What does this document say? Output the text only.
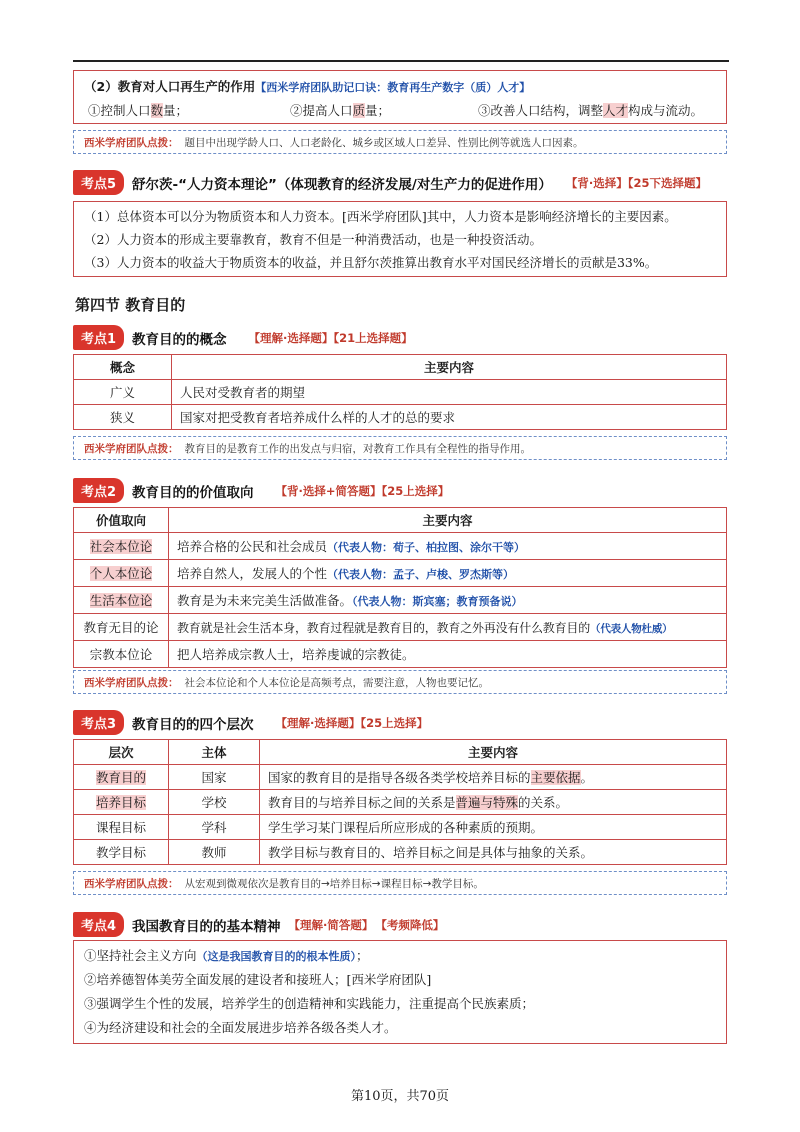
（2）教育对人口再生产的作用【西米学府团队助记口诀：教育再生产数字（质）人才】
①控制人口数量；	②提高人口质量；	③改善人口结构，调整人才构成与流动。
西米学府团队点拨： 题目中出现学龄人口、人口老龄化、城乡或区域人口差异、性别比例等就选人口因素。
考点5	舒尔茨-“人力资本理论”（体现教育的经济发展/对生产力的促进作用） 【背·选择】【25下选择题】
（1）总体资本可以分为物质资本和人力资本。[西米学府团队]其中，人力资本是影响经济增长的主要因素。
（2）人力资本的形成主要靠教育，教育不但是一种消费活动，也是一种投资活动。
（3）人力资本的收益大于物质资本的收益，并且舒尔茨推算出教育水平对国民经济增长的贡献是33%。
第四节 教育目的
考点1	教育目的的概念 【理解·选择题】【21上选择题】
概念	主要内容
广义	人民对受教育者的期望
狭义	国家对把受教育者培养成什么样的人才的总的要求
西米学府团队点拨： 教育目的是教育工作的出发点与归宿，对教育工作具有全程性的指导作用。
考点2	教育目的的价值取向 【背·选择+简答题】【25上选择】
价值取向	主要内容
社会本位论	培养合格的公民和社会成员（代表人物：荀子、柏拉图、涂尔干等）
个人本位论	培养自然人，发展人的个性（代表人物：孟子、卢梭、罗杰斯等）
生活本位论	教育是为未来完美生活做准备。（代表人物：斯宾塞；教育预备说）
教育无目的论	教育就是社会生活本身，教育过程就是教育目的，教育之外再没有什么教育目的（代表人物杜威）
宗教本位论	把人培养成宗教人士，培养虔诚的宗教徒。
西米学府团队点拨： 社会本位论和个人本位论是高频考点，需要注意，人物也要记忆。
考点3	教育目的的四个层次 【理解·选择题】【25上选择】
层次	主体	主要内容
教育目的	国家	国家的教育目的是指导各级各类学校培养目标的主要依据。
培养目标	学校	教育目的与培养目标之间的关系是普遍与特殊的关系。
课程目标	学科	学生学习某门课程后所应形成的各种素质的预期。
教学目标	教师	教学目标与教育目的、培养目标之间是具体与抽象的关系。
西米学府团队点拨： 从宏观到微观依次是教育目的→培养目标→课程目标→教学目标。
考点4	我国教育目的的基本精神 【理解·简答题】 【考频降低】
①坚持社会主义方向（这是我国教育目的的根本性质）；
②培养德智体美劳全面发展的建设者和接班人；[西米学府团队]
③强调学生个性的发展，培养学生的创造精神和实践能力，注重提高个民族素质；
④为经济建设和社会的全面发展进步培养各级各类人才。
第10页，共70页
